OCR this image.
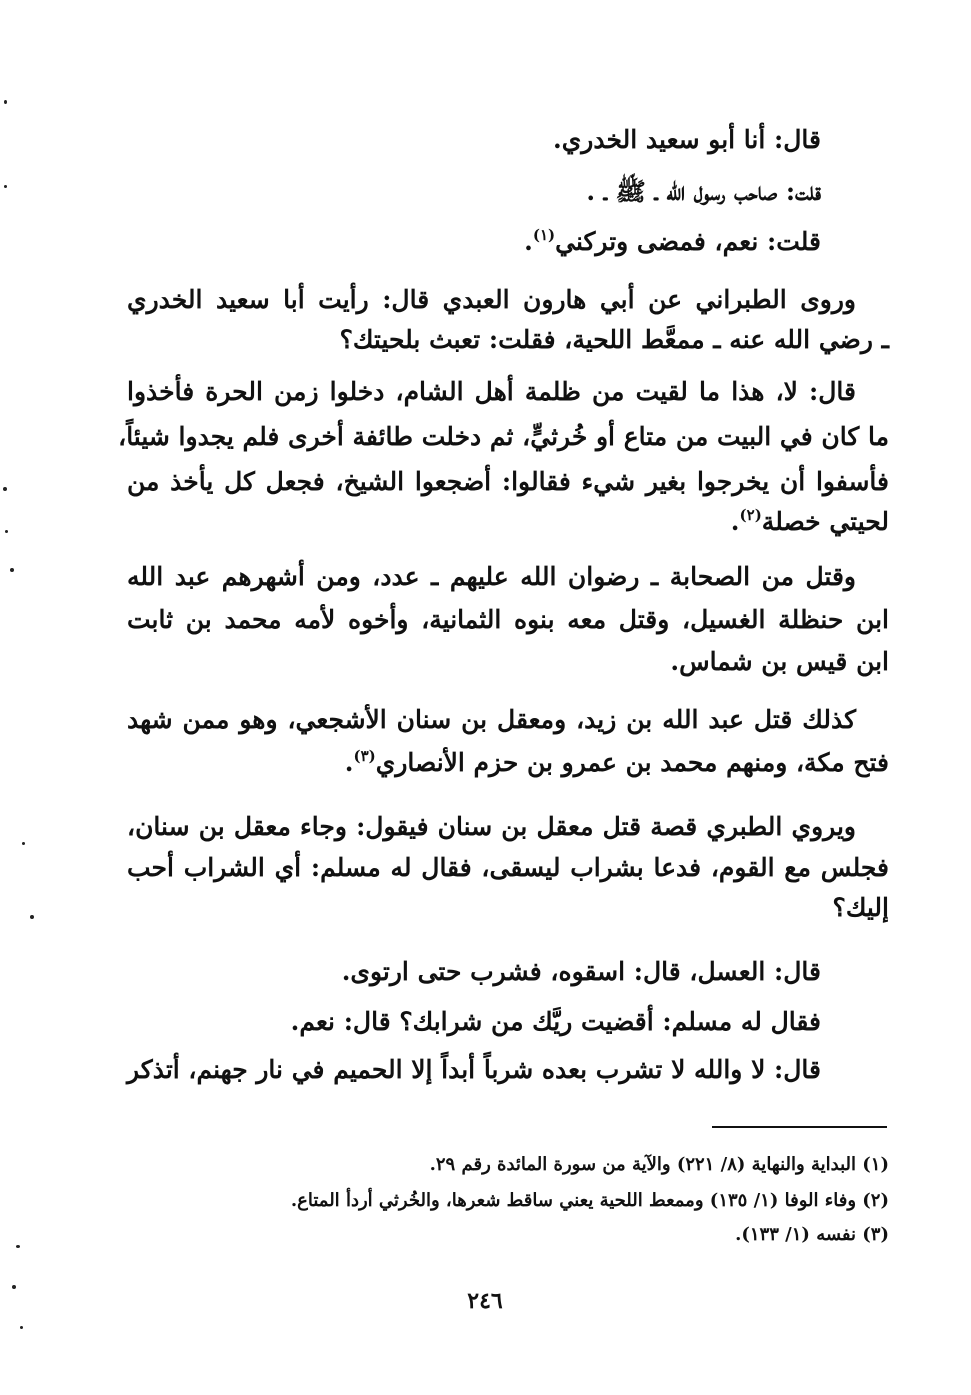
قال: أنا أبو سعيد الخدري.
قلت: صاحب رسول الله ـ ﷺ ـ .
قلت: نعم، فمضى وتركني$^{(١)}$.
وروى الطبراني عن أبي هارون العبدي قال: رأيت أبا سعيد الخدري
ـ رضي الله عنه ـ ممعَّط اللحية، فقلت: تعبث بلحيتك؟
قال: لا، هذا ما لقيت من ظلمة أهل الشام، دخلوا زمن الحرة فأخذوا
ما كان في البيت من متاع أو خُرثيٍّ، ثم دخلت طائفة أخرى فلم يجدوا شيئاً،
فأسفوا أن يخرجوا بغير شيء فقالوا: أضجعوا الشيخ، فجعل كل يأخذ من
لحيتي خصلة$^{(٢)}$.
وقتل من الصحابة ـ رضوان الله عليهم ـ عدد، ومن أشهرهم عبد الله
ابن حنظلة الغسيل، وقتل معه بنوه الثمانية، وأخوه لأمه محمد بن ثابت
ابن قيس بن شماس.
كذلك قتل عبد الله بن زيد، ومعقل بن سنان الأشجعي، وهو ممن شهد
فتح مكة، ومنهم محمد بن عمرو بن حزم الأنصاري$^{(٣)}$.
ويروي الطبري قصة قتل معقل بن سنان فيقول: وجاء معقل بن سنان،
فجلس مع القوم، فدعا بشراب ليسقى، فقال له مسلم: أي الشراب أحب
إليك؟
قال: العسل، قال: اسقوه، فشرب حتى ارتوى.
فقال له مسلم: أقضيت ريَّك من شرابك؟ قال: نعم.
قال: لا والله لا تشرب بعده شرباً أبداً إلا الحميم في نار جهنم، أتذكر
(١) البداية والنهاية (٨/ ٢٢١) والآية من سورة المائدة رقم ٢٩.
(٢) وفاء الوفا (١/ ١٣٥) وممعط اللحية يعني ساقط شعرها، والخُرثي أردأ المتاع.
(٣) نفسه (١/ ١٣٣).
٢٤٦
